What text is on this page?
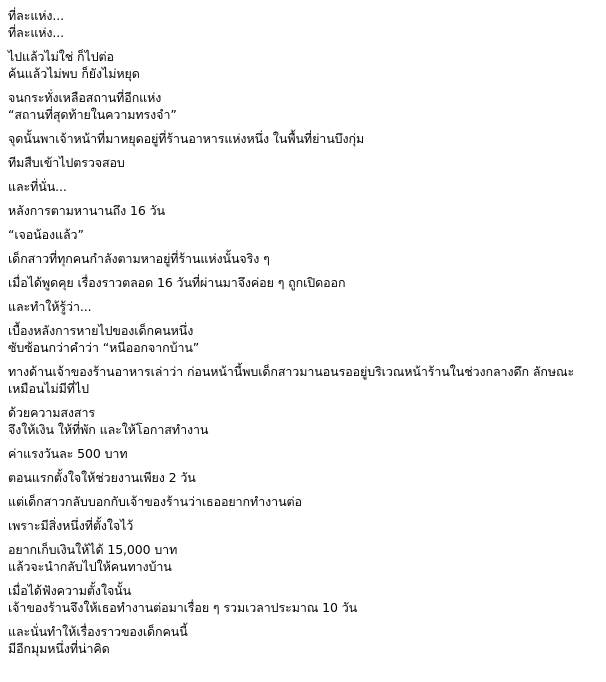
ที่ละแห่ง...
ที่ละแห่ง...
ไปแล้วไม่ใช่ ก็ไปต่อ
ค้นแล้วไม่พบ ก็ยังไม่หยุด
จนกระทั่งเหลือสถานที่อีกแห่ง
“สถานที่สุดท้ายในความทรงจำ”
จุดนั้นพาเจ้าหน้าที่มาหยุดอยู่ที่ร้านอาหารแห่งหนึ่ง ในพื้นที่ย่านบึงกุ่ม
ทีมสืบเข้าไปตรวจสอบ
และที่นั่น...
หลังการตามหานานถึง 16 วัน
“เจอน้องแล้ว”
เด็กสาวที่ทุกคนกำลังตามหาอยู่ที่ร้านแห่งนั้นจริง ๆ
เมื่อได้พูดคุย เรื่องราวตลอด 16 วันที่ผ่านมาจึงค่อย ๆ ถูกเปิดออก
และทำให้รู้ว่า...
เบื้องหลังการหายไปของเด็กคนหนึ่ง
ซับซ้อนกว่าคำว่า “หนีออกจากบ้าน”
ทางด้านเจ้าของร้านอาหารเล่าว่า ก่อนหน้านี้พบเด็กสาวมานอนรออยู่บริเวณหน้าร้านในช่วงกลางดึก ลักษณะ
เหมือนไม่มีที่ไป
ด้วยความสงสาร
จึงให้เงิน ให้ที่พัก และให้โอกาสทำงาน
ค่าแรงวันละ 500 บาท
ตอนแรกตั้งใจให้ช่วยงานเพียง 2 วัน
แต่เด็กสาวกลับบอกกับเจ้าของร้านว่าเธออยากทำงานต่อ
เพราะมีสิ่งหนึ่งที่ตั้งใจไว้
อยากเก็บเงินให้ได้ 15,000 บาท
แล้วจะนำกลับไปให้คนทางบ้าน
เมื่อได้ฟังความตั้งใจนั้น
เจ้าของร้านจึงให้เธอทำงานต่อมาเรื่อย ๆ รวมเวลาประมาณ 10 วัน
และนั่นทำให้เรื่องราวของเด็กคนนี้
มีอีกมุมหนึ่งที่น่าคิด
